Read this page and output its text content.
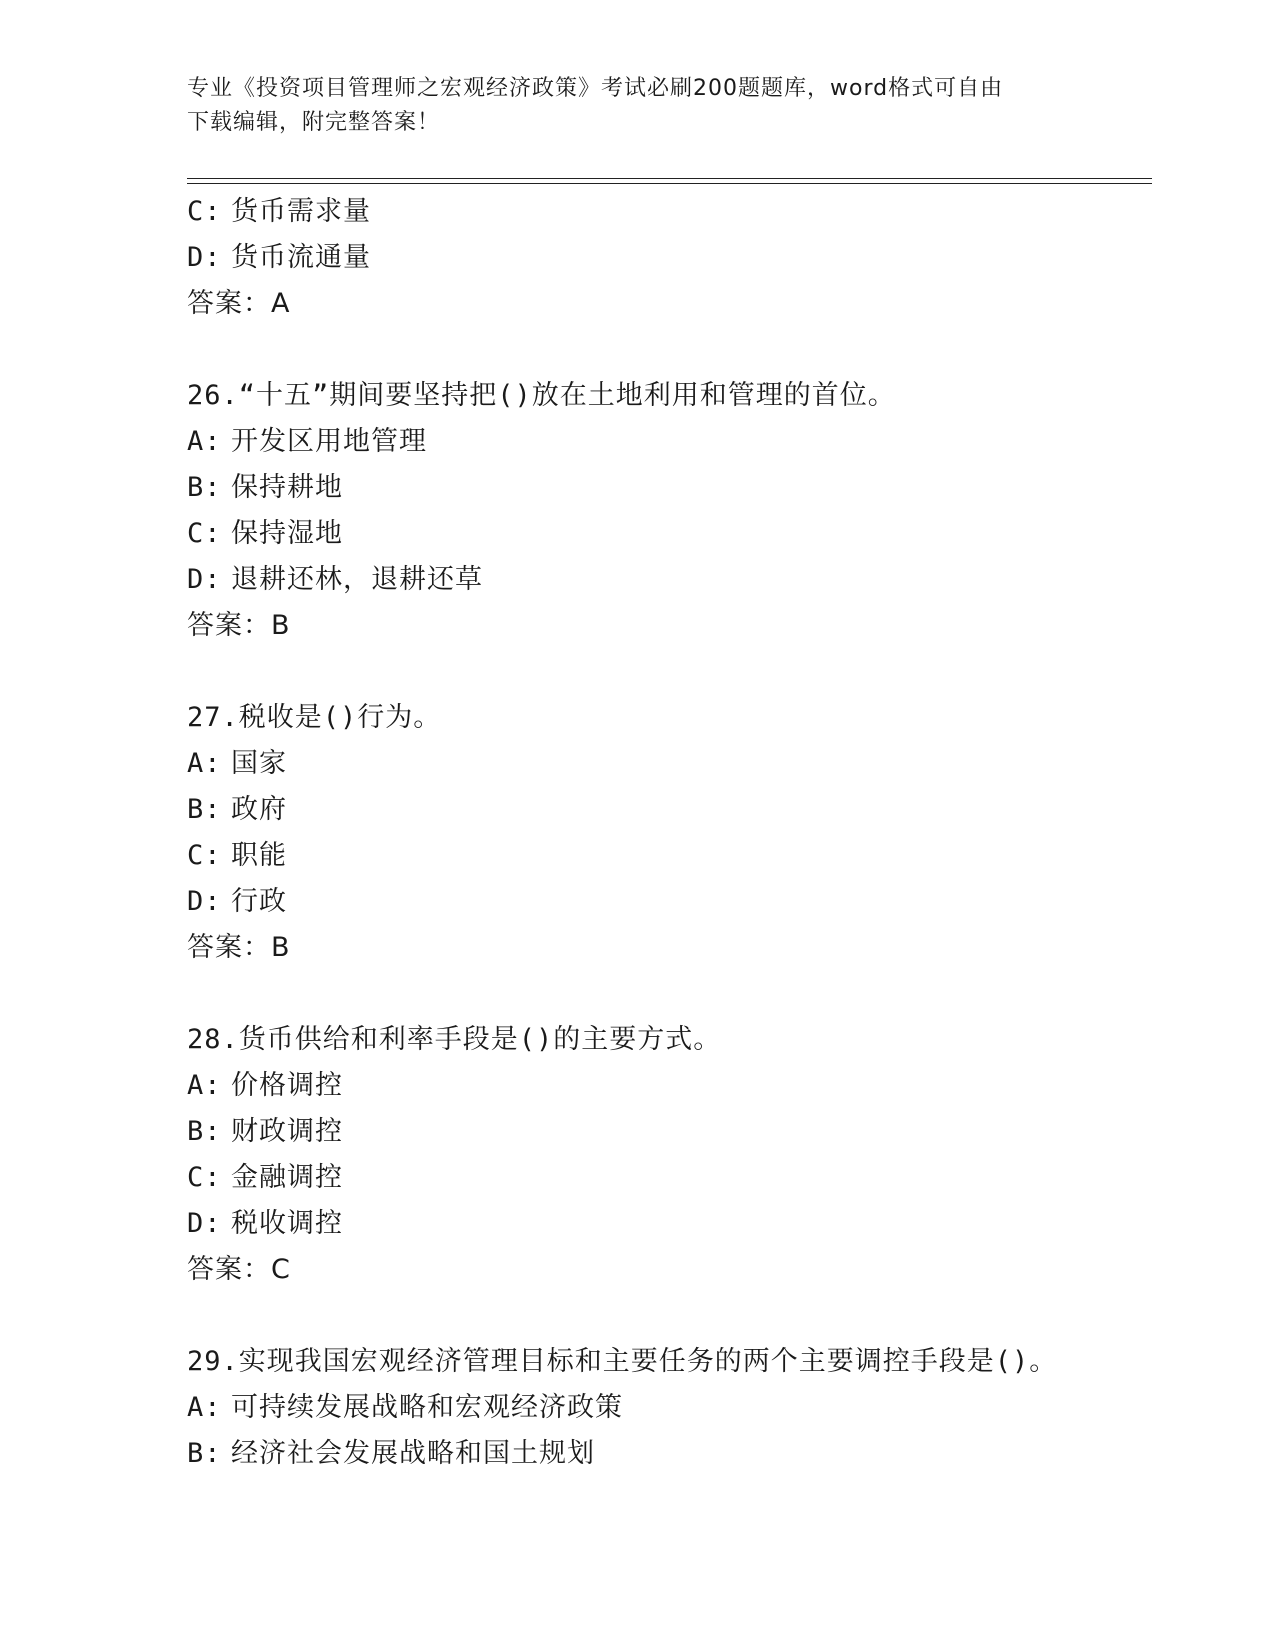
专业《投资项目管理师之宏观经济政策》考试必刷200题题库，word格式可自由
下载编辑，附完整答案！
C: 货币需求量
D: 货币流通量
答案：A
26.“十五”期间要坚持把()放在土地利用和管理的首位。
A: 开发区用地管理
B: 保持耕地
C: 保持湿地
D: 退耕还林，退耕还草
答案：B
27.税收是()行为。
A: 国家
B: 政府
C: 职能
D: 行政
答案：B
28.货币供给和利率手段是()的主要方式。
A: 价格调控
B: 财政调控
C: 金融调控
D: 税收调控
答案：C
29.实现我国宏观经济管理目标和主要任务的两个主要调控手段是()。
A: 可持续发展战略和宏观经济政策
B: 经济社会发展战略和国土规划
